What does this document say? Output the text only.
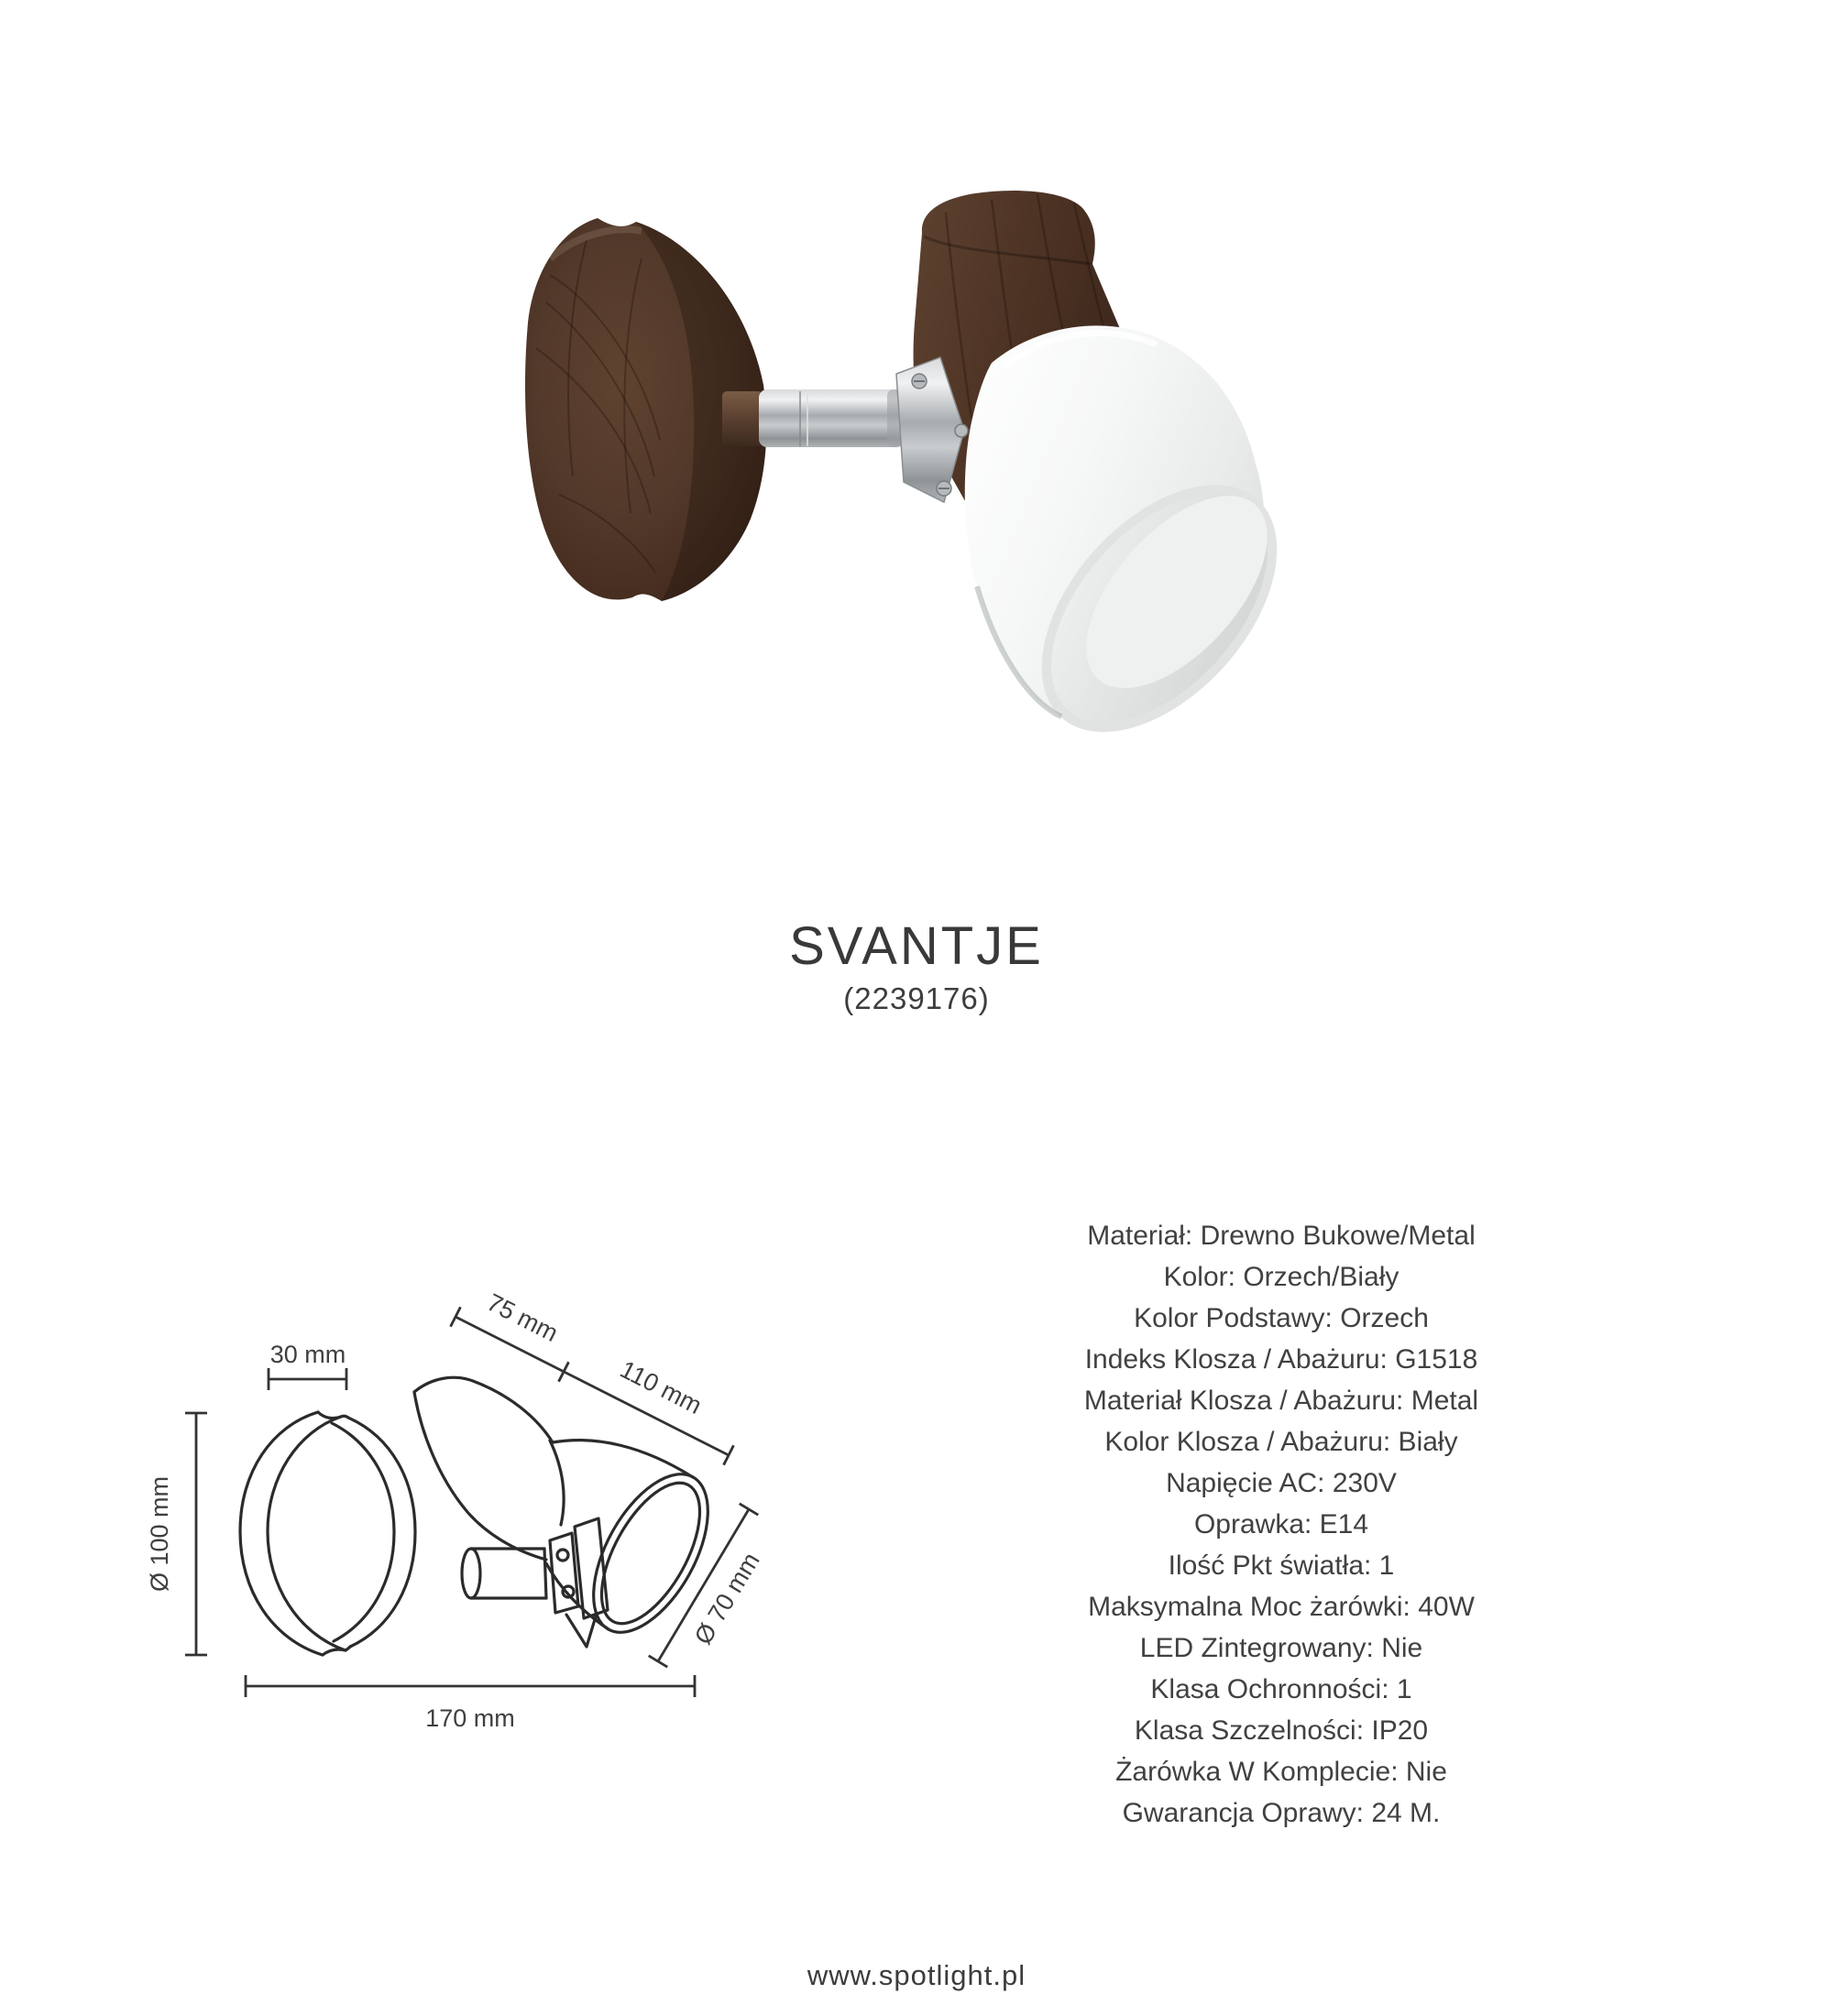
SVANTJE
(2239176)
30 mm
75 mm
110 mm
Ø 100 mm
Ø 70 mm
170 mm
Materiał: Drewno Bukowe/Metal
Kolor: Orzech/Biały
Kolor Podstawy: Orzech
Indeks Klosza / Abażuru: G1518
Materiał Klosza / Abażuru: Metal
Kolor Klosza / Abażuru: Biały
Napięcie AC: 230V
Oprawka: E14
Ilość Pkt światła: 1
Maksymalna Moc żarówki: 40W
LED Zintegrowany: Nie
Klasa Ochronności: 1
Klasa Szczelności: IP20
Żarówka W Komplecie: Nie
Gwarancja Oprawy: 24 M.
www.spotlight.pl
